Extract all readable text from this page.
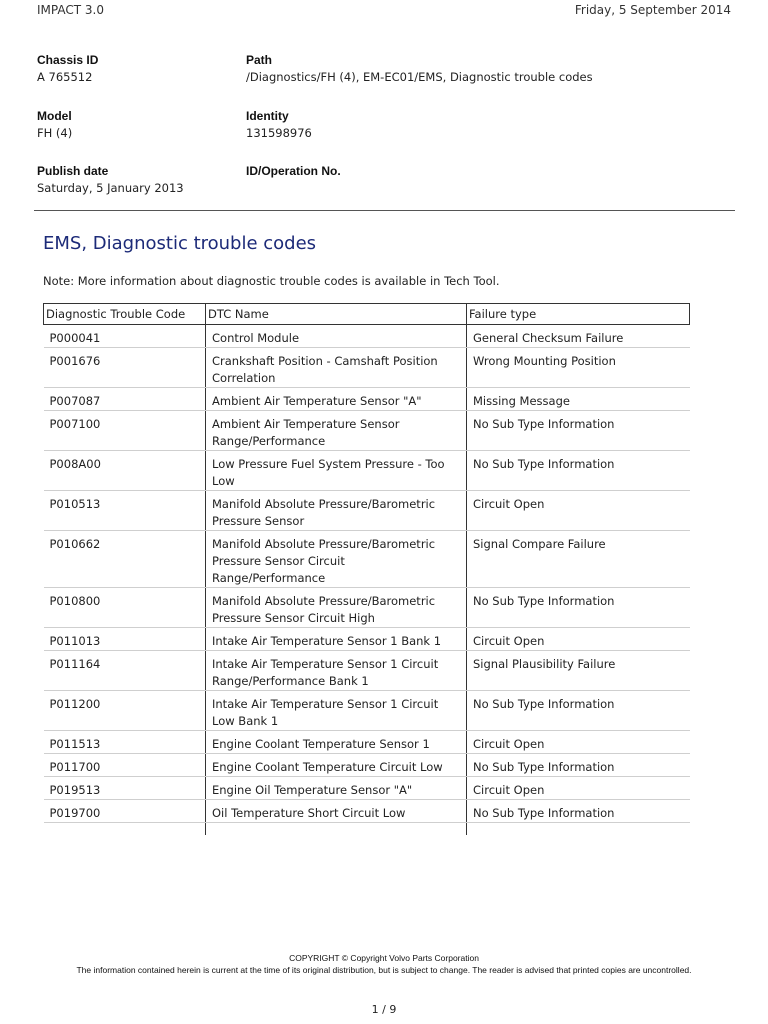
IMPACT 3.0	Friday, 5 September 2014
Chassis ID
A 765512
Path
/Diagnostics/FH (4), EM-EC01/EMS, Diagnostic trouble codes
Model
FH (4)
Identity
131598976
Publish date
Saturday, 5 January 2013
ID/Operation No.
EMS, Diagnostic trouble codes
Note: More information about diagnostic trouble codes is available in Tech Tool.
Diagnostic Trouble Code	DTC Name	Failure type
P000041	Control Module	General Checksum Failure
P001676	Crankshaft Position - Camshaft Position Correlation	Wrong Mounting Position
P007087	Ambient Air Temperature Sensor "A"	Missing Message
P007100	Ambient Air Temperature Sensor Range/Performance	No Sub Type Information
P008A00	Low Pressure Fuel System Pressure - Too Low	No Sub Type Information
P010513	Manifold Absolute Pressure/Barometric Pressure Sensor	Circuit Open
P010662	Manifold Absolute Pressure/Barometric Pressure Sensor Circuit Range/Performance	Signal Compare Failure
P010800	Manifold Absolute Pressure/Barometric Pressure Sensor Circuit High	No Sub Type Information
P011013	Intake Air Temperature Sensor 1 Bank 1	Circuit Open
P011164	Intake Air Temperature Sensor 1 Circuit Range/Performance Bank 1	Signal Plausibility Failure
P011200	Intake Air Temperature Sensor 1 Circuit Low Bank 1	No Sub Type Information
P011513	Engine Coolant Temperature Sensor 1	Circuit Open
P011700	Engine Coolant Temperature Circuit Low	No Sub Type Information
P019513	Engine Oil Temperature Sensor "A"	Circuit Open
P019700	Oil Temperature Short Circuit Low	No Sub Type Information

COPYRIGHT © Copyright Volvo Parts Corporation
The information contained herein is current at the time of its original distribution, but is subject to change. The reader is advised that printed copies are uncontrolled.
1 / 9
